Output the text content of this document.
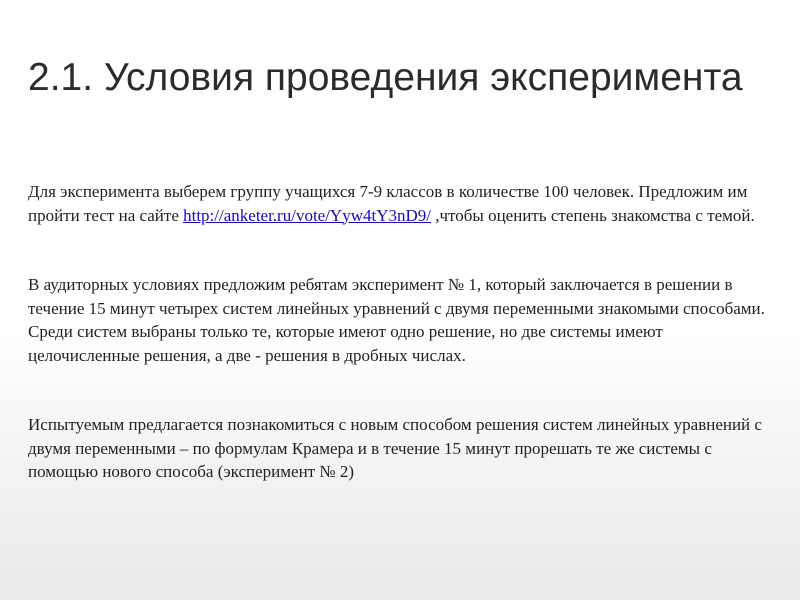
2.1. Условия проведения эксперимента

Для эксперимента выберем группу учащихся 7-9 классов в количестве 100 человек. Предложим им пройти тест на сайте http://anketer.ru/vote/Yyw4tY3nD9/ ,чтобы оценить степень знакомства с темой.

В аудиторных условиях предложим ребятам эксперимент № 1, который заключается в решении в течение 15 минут четырех систем линейных уравнений с двумя переменными знакомыми способами. Среди систем выбраны только те, которые имеют одно решение, но две системы имеют целочисленные решения, а две - решения в дробных числах.

Испытуемым предлагается познакомиться с новым способом решения систем линейных уравнений с двумя переменными – по формулам Крамера и в течение 15 минут прорешать те же системы с помощью нового способа (эксперимент № 2)
